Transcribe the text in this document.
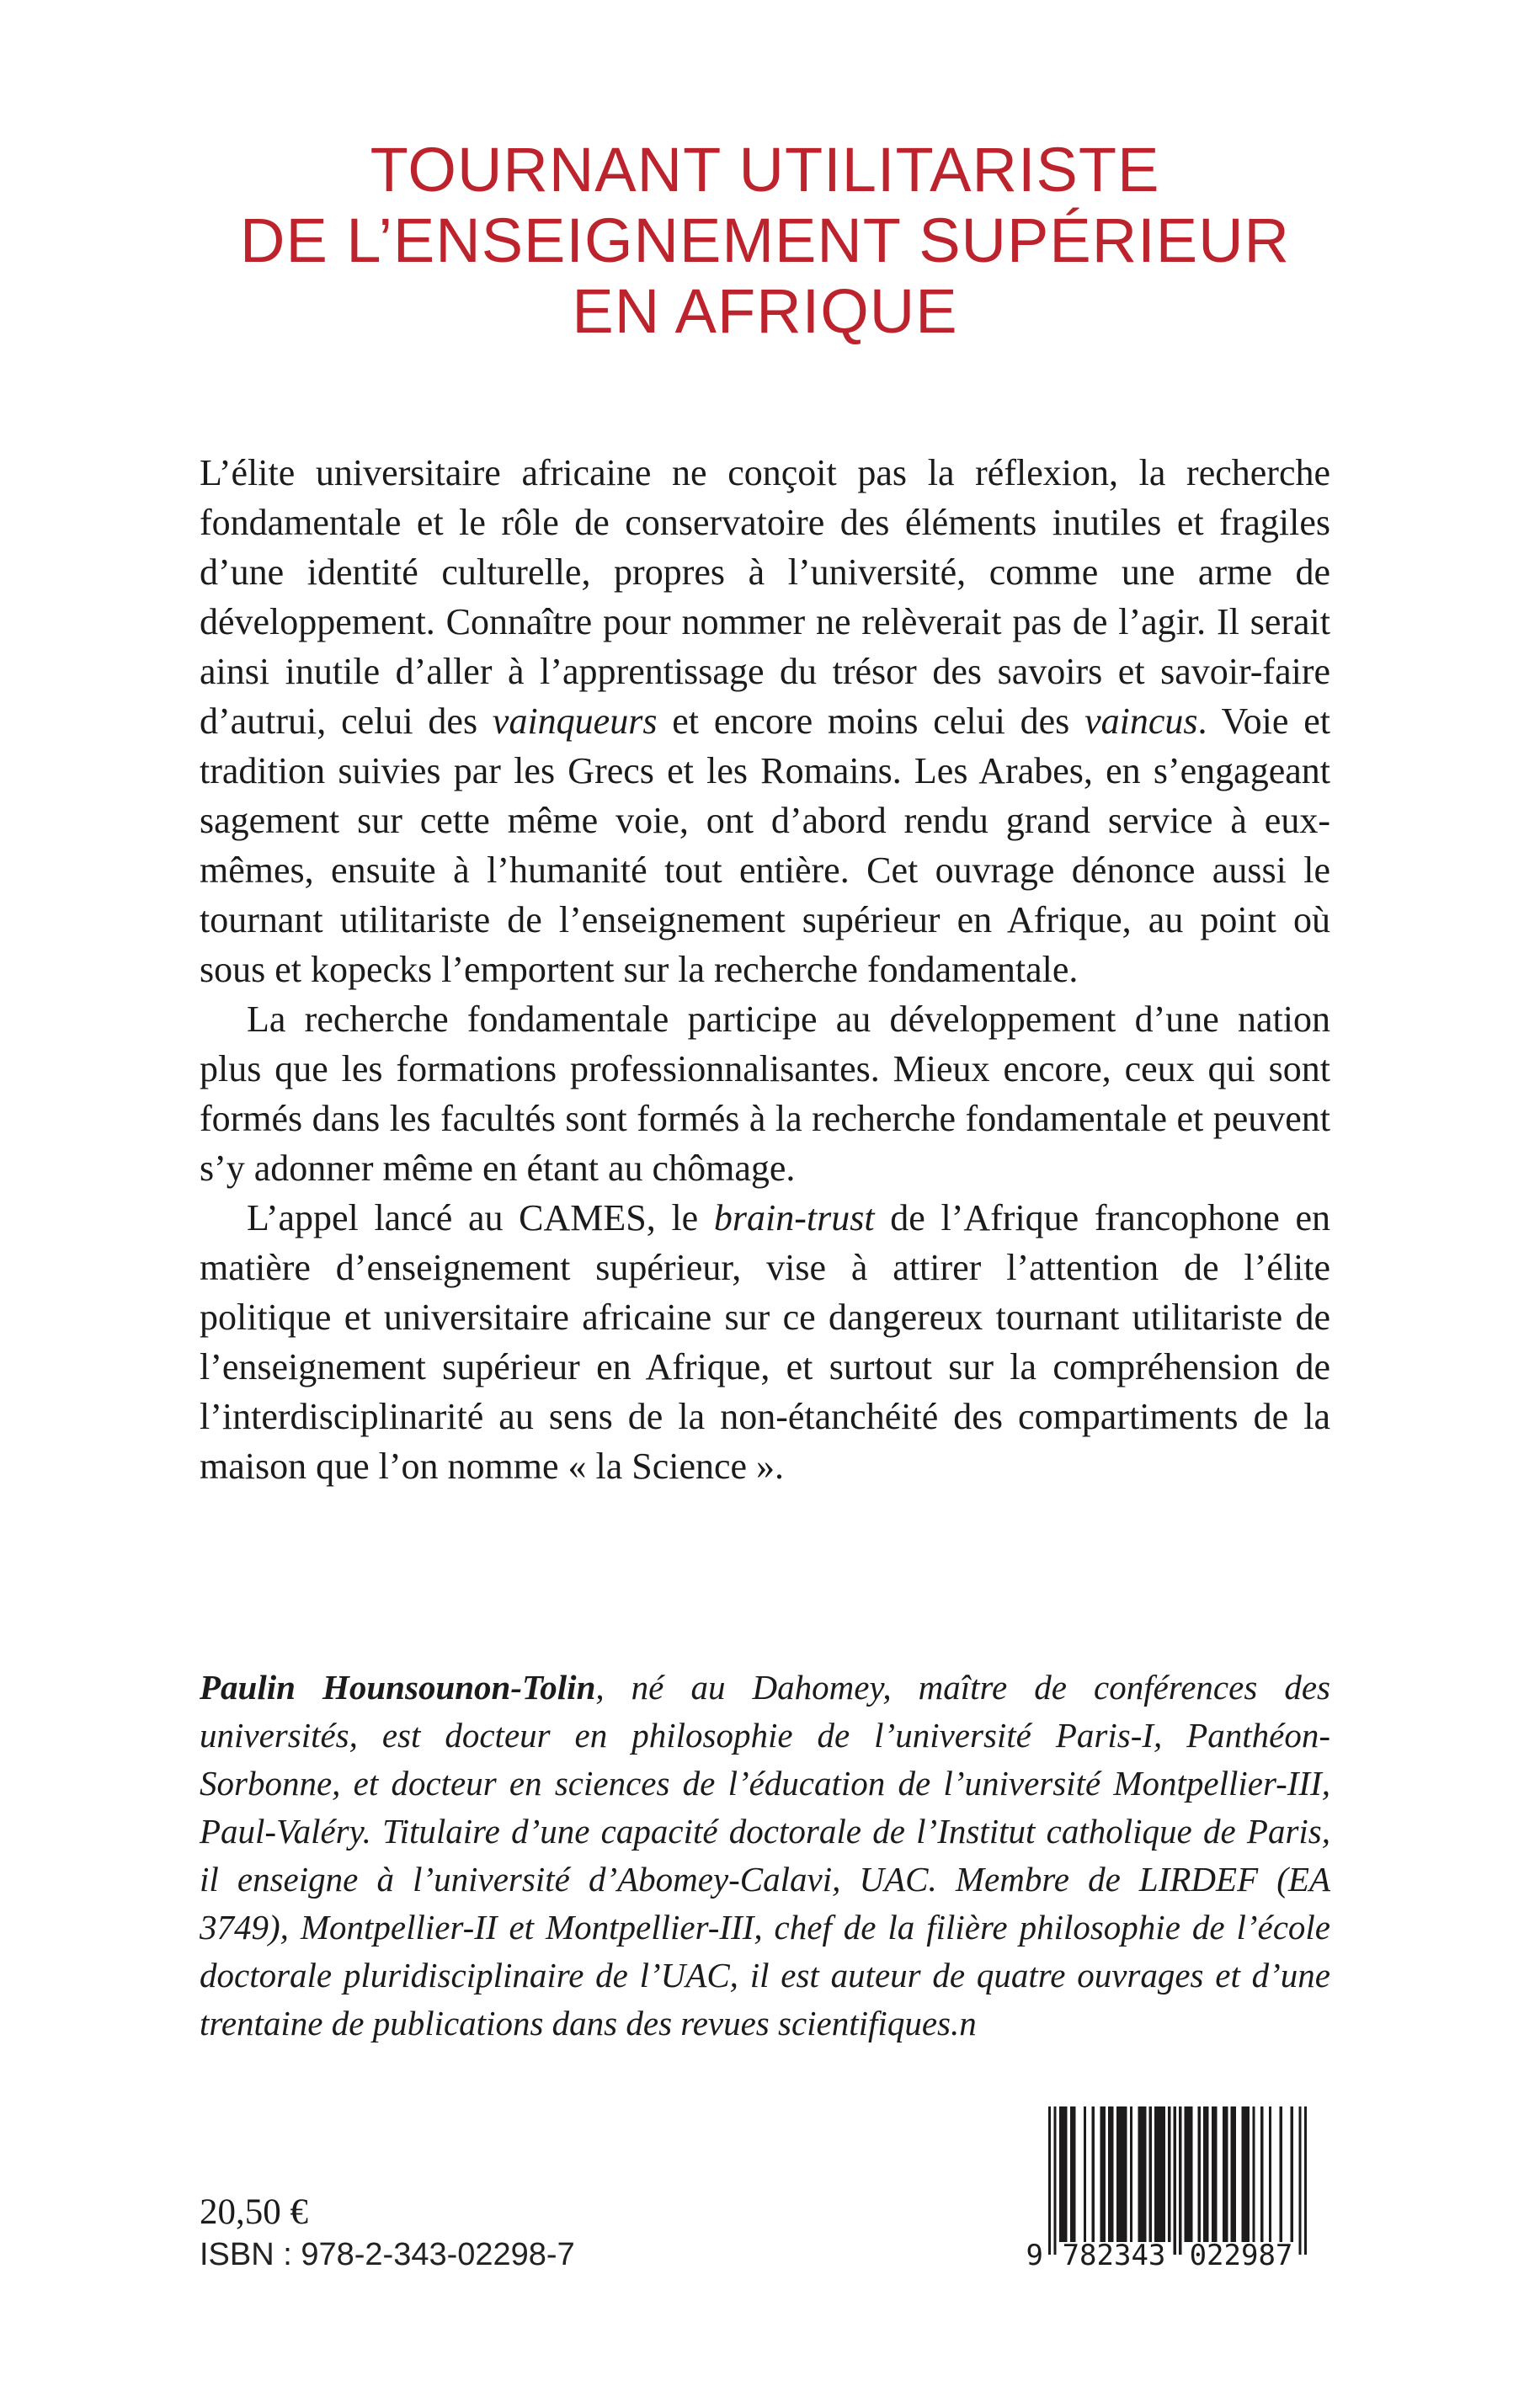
TOURNANT UTILITARISTE
DE L’ENSEIGNEMENT SUPÉRIEUR
EN AFRIQUE

L’élite universitaire africaine ne conçoit pas la réflexion, la recherche fondamentale et le rôle de conservatoire des éléments inutiles et fragiles d’une identité culturelle, propres à l’université, comme une arme de développement. Connaître pour nommer ne relèverait pas de l’agir. Il serait ainsi inutile d’aller à l’apprentissage du trésor des savoirs et savoir-faire d’autrui, celui des vainqueurs et encore moins celui des vaincus. Voie et tradition suivies par les Grecs et les Romains. Les Arabes, en s’engageant sagement sur cette même voie, ont d’abord rendu grand service à eux-mêmes, ensuite à l’humanité tout entière. Cet ouvrage dénonce aussi le tournant utilitariste de l’enseignement supérieur en Afrique, au point où sous et kopecks l’emportent sur la recherche fondamentale.

La recherche fondamentale participe au développement d’une nation plus que les formations professionnalisantes. Mieux encore, ceux qui sont formés dans les facultés sont formés à la recherche fondamentale et peuvent s’y adonner même en étant au chômage.

L’appel lancé au CAMES, le brain-trust de l’Afrique francophone en matière d’enseignement supérieur, vise à attirer l’attention de l’élite politique et universitaire africaine sur ce dangereux tournant utilitariste de l’enseignement supérieur en Afrique, et surtout sur la compréhension de l’interdisciplinarité au sens de la non-étanchéité des compartiments de la maison que l’on nomme « la Science ».

Paulin Hounsounon-Tolin, né au Dahomey, maître de conférences des universités, est docteur en philosophie de l’université Paris-I, Panthéon-Sorbonne, et docteur en sciences de l’éducation de l’université Montpellier-III, Paul-Valéry. Titulaire d’une capacité doctorale de l’Institut catholique de Paris, il enseigne à l’université d’Abomey-Calavi, UAC. Membre de LIRDEF (EA 3749), Montpellier-II et Montpellier-III, chef de la filière philosophie de l’école doctorale pluridisciplinaire de l’UAC, il est auteur de quatre ouvrages et d’une trentaine de publications dans des revues scientifiques.n

20,50 €
ISBN : 978-2-343-02298-7	9 782343 022987
